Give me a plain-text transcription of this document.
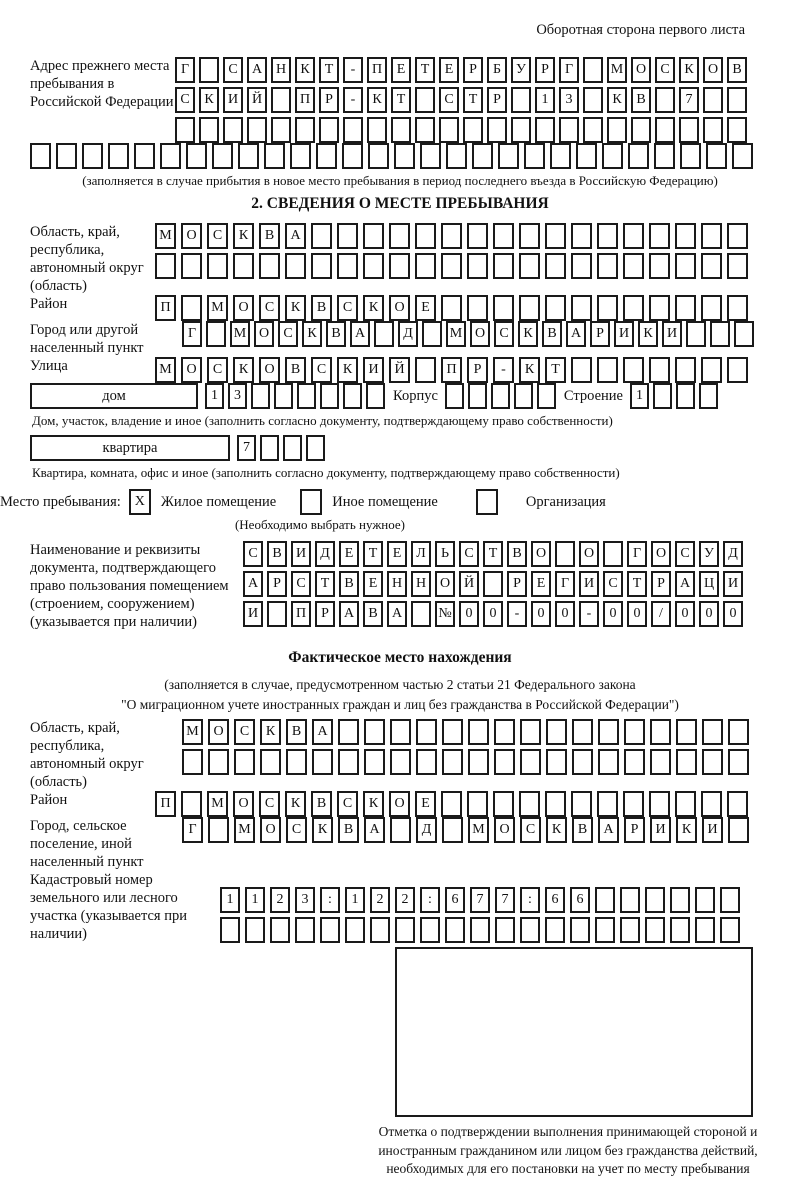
Оборотная сторона первого листа
Адрес прежнего места пребывания в Российской Федерации
Г	С	А Н	К	Т	-	П	Е	Т	Е	Р	Б	У	Р	Г	М О	С	К	О	В
С	К	И Й	П	Р	-	К	Т	С	Т	Р	1	3	К	В	7
(заполняется в случае прибытия в новое место пребывания в период последнего въезда в Российскую Федерацию)
2. СВЕДЕНИЯ О МЕСТЕ ПРЕБЫВАНИЯ
Область, край, республика, автономный округ (область)
М	О	С	К	В	А
Район	П	М	О	С	К	В	С	К	О	Е
Город или другой населенный пункт
Г	М О	С	К	В	А	Д	М О	С	К	В	А	Р	И	К	И
Улица	М	О	С	К	О	В	С	К	И	Й	П	Р	-	К	Т
дом	1	3	Корпус	Строение 1
Дом, участок, владение и иное (заполнить согласно документу, подтверждающему право собственности)
квартира	7
Квартира, комната, офис и иное (заполнить согласно документу, подтверждающему право собственности)
Место пребывания: Х	Жилое помещение	Иное помещение	Организация
(Необходимо выбрать нужное)
Наименование и реквизиты документа, подтверждающего право пользования помещением (строением, сооружением) (указывается при наличии)
С	В	И	Д	Е	Т	Е	Л	Ь	С	Т	В	О	О	Г	О	С	У	Д
А	Р	С	Т	В	Е	Н Н О Й	Р	Е	Г	И	С	Т	Р	А Ц И
И	П	Р	А	В	А	№ 0	0	-	0	0	-	0	0	/	0	0	0
Фактическое место нахождения
(заполняется в случае, предусмотренном частью 2 статьи 21 Федерального закона
"О миграционном учете иностранных граждан и лиц без гражданства в Российской Федерации")
Область, край, республика, автономный округ (область)
М	О	С	К	В	А
Район	П	М	О	С	К	В	С	К	О	Е
Город, сельское поселение, иной населенный пункт
Г	М	О	С	К	В	А	Д	М	О	С	К	В	А	Р	И	К	И
Кадастровый номер земельного или лесного участка (указывается при наличии)
1	1	2	3	:	1	2	2	:	6	7	7	:	6	6
Отметка о подтверждении выполнения принимающей стороной и иностранным гражданином или лицом без гражданства действий, необходимых для его постановки на учет по месту пребывания
